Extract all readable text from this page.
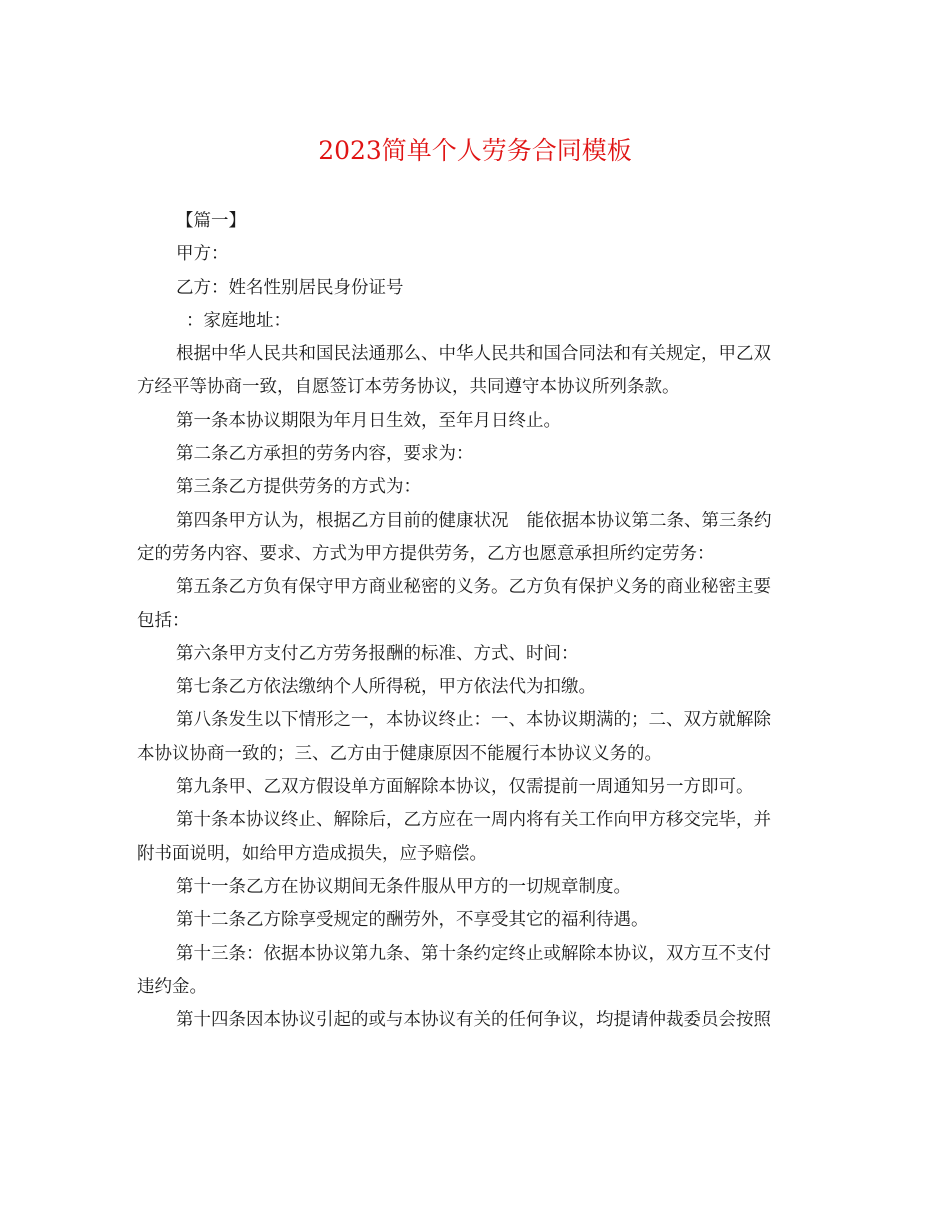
2023简单个人劳务合同模板

【篇一】

甲方：

乙方：姓名性别居民身份证号

：家庭地址：

根据中华人民共和国民法通那么、中华人民共和国合同法和有关规定，甲乙双

方经平等协商一致，自愿签订本劳务协议，共同遵守本协议所列条款。

第一条本协议期限为年月日生效，至年月日终止。

第二条乙方承担的劳务内容，要求为：

第三条乙方提供劳务的方式为：

第四条甲方认为，根据乙方目前的健康状况 能依据本协议第二条、第三条约

定的劳务内容、要求、方式为甲方提供劳务，乙方也愿意承担所约定劳务：

第五条乙方负有保守甲方商业秘密的义务。乙方负有保护义务的商业秘密主要

包括：

第六条甲方支付乙方劳务报酬的标准、方式、时间：

第七条乙方依法缴纳个人所得税，甲方依法代为扣缴。

第八条发生以下情形之一，本协议终止：一、本协议期满的；二、双方就解除

本协议协商一致的；三、乙方由于健康原因不能履行本协议义务的。

第九条甲、乙双方假设单方面解除本协议，仅需提前一周通知另一方即可。

第十条本协议终止、解除后，乙方应在一周内将有关工作向甲方移交完毕，并

附书面说明，如给甲方造成损失，应予赔偿。

第十一条乙方在协议期间无条件服从甲方的一切规章制度。

第十二条乙方除享受规定的酬劳外，不享受其它的福利待遇。

第十三条：依据本协议第九条、第十条约定终止或解除本协议，双方互不支付

违约金。

第十四条因本协议引起的或与本协议有关的任何争议，均提请仲裁委员会按照
